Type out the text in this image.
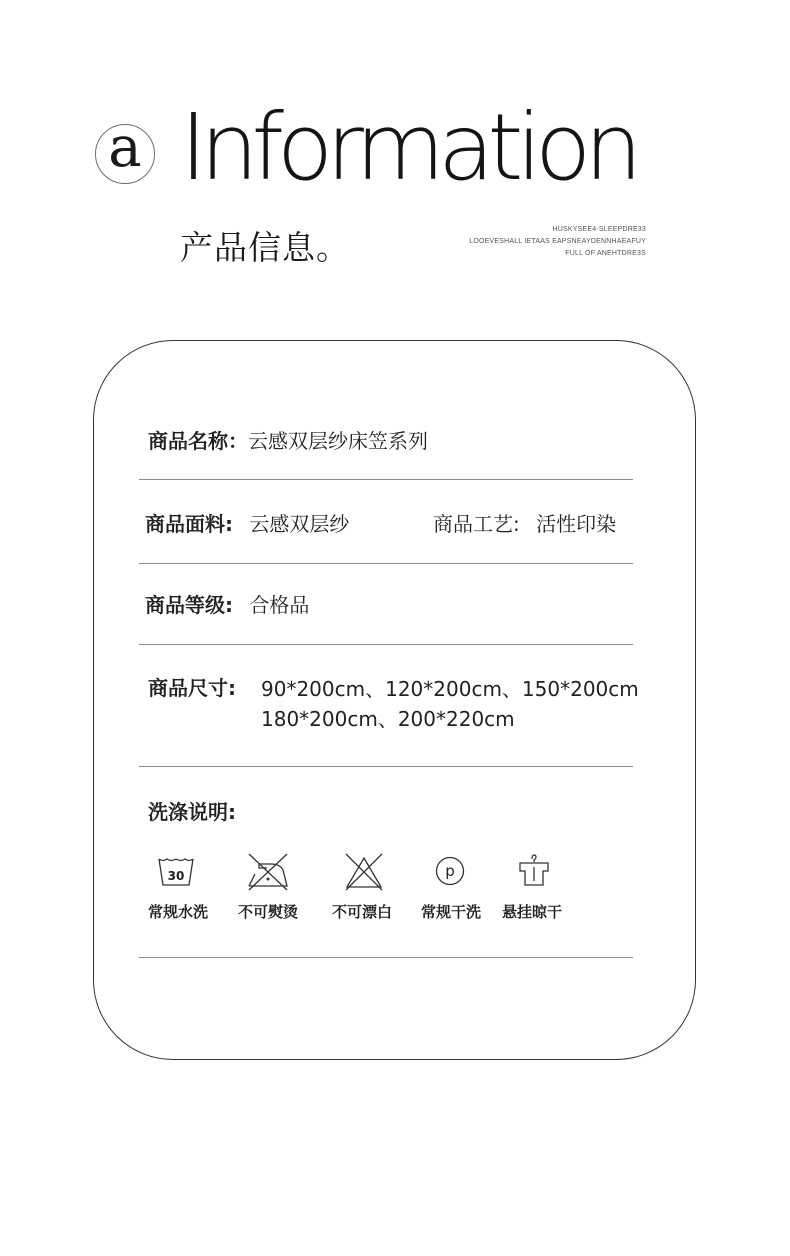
a Information
产品信息。	HUSKYSEE4-SLEEPDRE33
LOOEVESHALL IETAAS EAPSNEAYDENNHAEAFUY
FULL OF ANEHTDRE3S
商品名称：云感双层纱床笠系列
商品面料: 云感双层纱	商品工艺: 活性印染
商品等级: 合格品
商品尺寸: 90*200cm、120*200cm、150*200cm
180*200cm、200*220cm
洗涤说明:
30	p
常规水洗 不可熨烫 不可漂白 常规干洗 悬挂晾干
